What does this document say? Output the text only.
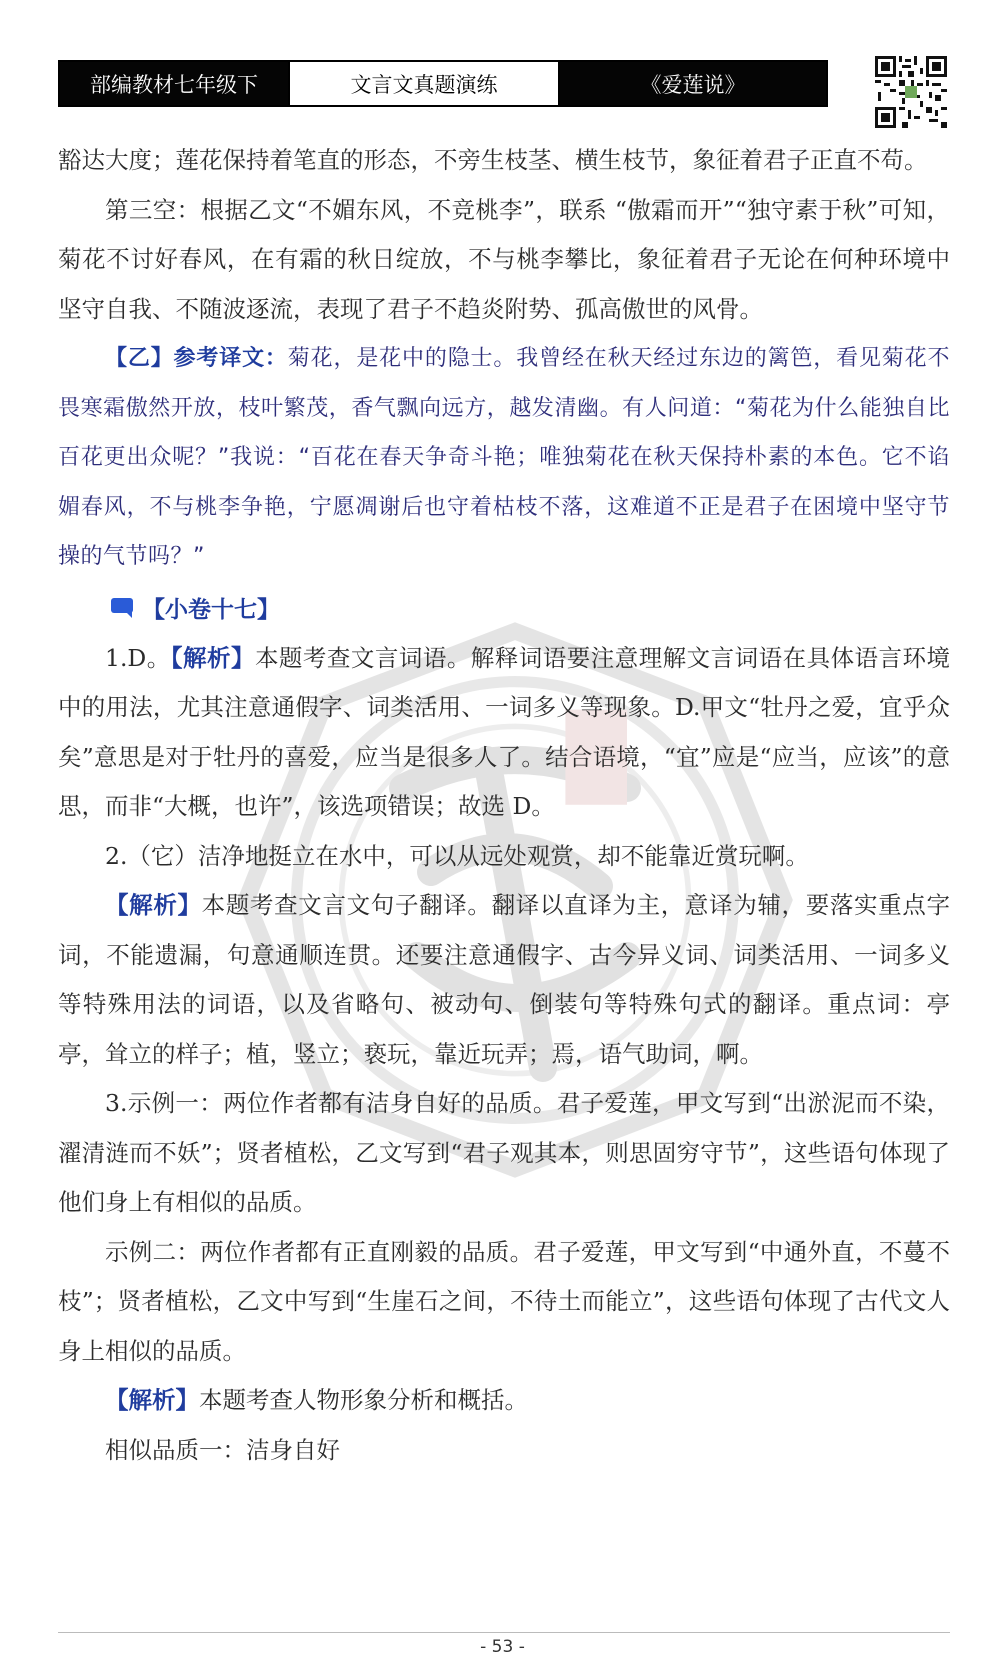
部编教材七年级下	文言文真题演练	《爱莲说》

豁达大度；莲花保持着笔直的形态，不旁生枝茎、横生枝节，象征着君子正直不苟。

第三空：根据乙文“不媚东风，不竞桃李”，联系 “傲霜而开”“独守素于秋”可知，菊花不讨好春风，在有霜的秋日绽放，不与桃李攀比，象征着君子无论在何种环境中坚守自我、不随波逐流，表现了君子不趋炎附势、孤高傲世的风骨。

【乙】参考译文：菊花，是花中的隐士。我曾经在秋天经过东边的篱笆，看见菊花不畏寒霜傲然开放，枝叶繁茂，香气飘向远方，越发清幽。有人问道：“菊花为什么能独自比百花更出众呢？”我说：“百花在春天争奇斗艳；唯独菊花在秋天保持朴素的本色。它不谄媚春风，不与桃李争艳，宁愿凋谢后也守着枯枝不落，这难道不正是君子在困境中坚守节操的气节吗？”

【小卷十七】

1.D。【解析】本题考查文言词语。解释词语要注意理解文言词语在具体语言环境中的用法，尤其注意通假字、词类活用、一词多义等现象。D.甲文“牡丹之爱，宜乎众矣”意思是对于牡丹的喜爱，应当是很多人了。结合语境，“宜”应是“应当，应该”的意思，而非“大概，也许”，该选项错误；故选 D。

2.（它）洁净地挺立在水中，可以从远处观赏，却不能靠近赏玩啊。

【解析】本题考查文言文句子翻译。翻译以直译为主，意译为辅，要落实重点字词，不能遗漏，句意通顺连贯。还要注意通假字、古今异义词、词类活用、一词多义等特殊用法的词语，以及省略句、被动句、倒装句等特殊句式的翻译。重点词：亭亭，耸立的样子；植，竖立；亵玩，靠近玩弄；焉，语气助词，啊。

3.示例一：两位作者都有洁身自好的品质。君子爱莲，甲文写到“出淤泥而不染，濯清涟而不妖”；贤者植松，乙文写到“君子观其本，则思固穷守节”，这些语句体现了他们身上有相似的品质。

示例二：两位作者都有正直刚毅的品质。君子爱莲，甲文写到“中通外直，不蔓不枝”；贤者植松，乙文中写到“生崖石之间，不待土而能立”，这些语句体现了古代文人身上相似的品质。

【解析】本题考查人物形象分析和概括。

相似品质一：洁身自好

- 53 -
